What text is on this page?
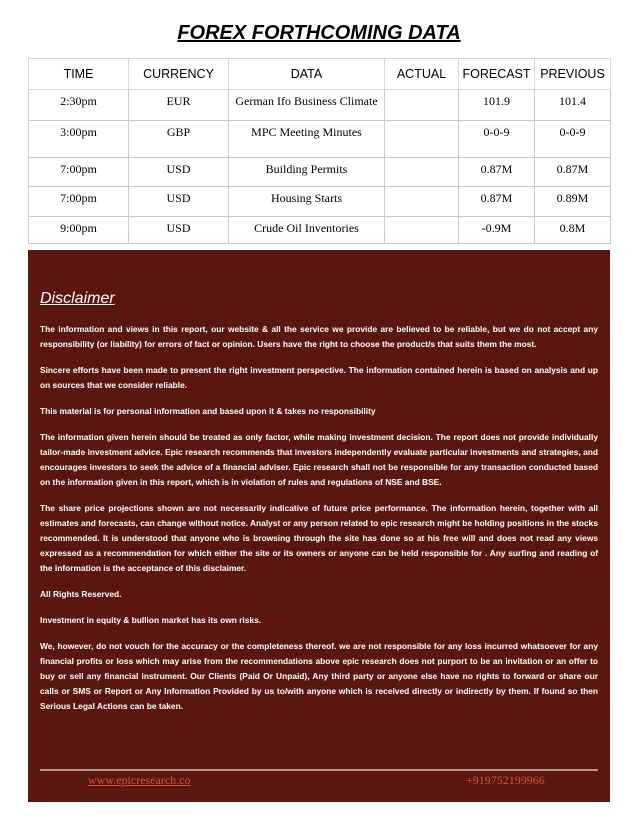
FOREX FORTHCOMING DATA
TIME	CURRENCY	DATA	ACTUAL	FORECAST	PREVIOUS
2:30pm	EUR	German Ifo Business Climate		101.9	101.4
3:00pm	GBP	MPC Meeting Minutes		0-0-9	0-0-9
7:00pm	USD	Building Permits		0.87M	0.87M
7:00pm	USD	Housing Starts		0.87M	0.89M
9:00pm	USD	Crude Oil Inventories		-0.9M	0.8M
Disclaimer

The information and views in this report, our website & all the service we provide are believed to be reliable, but we do not accept any responsibility (or liability) for errors of fact or opinion. Users have the right to choose the product/s that suits them the most.

Sincere efforts have been made to present the right investment perspective. The information contained herein is based on analysis and up on sources that we consider reliable.

This material is for personal information and based upon it & takes no responsibility

The information given herein should be treated as only factor, while making investment decision. The report does not provide individually tailor-made investment advice. Epic research recommends that investors independently evaluate particular investments and strategies, and encourages investors to seek the advice of a financial adviser. Epic research shall not be responsible for any transaction conducted based on the information given in this report, which is in violation of rules and regulations of NSE and BSE.

The share price projections shown are not necessarily indicative of future price performance. The information herein, together with all estimates and forecasts, can change without notice. Analyst or any person related to epic research might be holding positions in the stocks recommended. It is understood that anyone who is browsing through the site has done so at his free will and does not read any views expressed as a recommendation for which either the site or its owners or anyone can be held responsible for . Any surfing and reading of the information is the acceptance of this disclaimer.

All Rights Reserved.

Investment in equity & bullion market has its own risks.

We, however, do not vouch for the accuracy or the completeness thereof. we are not responsible for any loss incurred whatsoever for any financial profits or loss which may arise from the recommendations above epic research does not purport to be an invitation or an offer to buy or sell any financial instrument. Our Clients (Paid Or Unpaid), Any third party or anyone else have no rights to forward or share our calls or SMS or Report or Any Information Provided by us to/with anyone which is received directly or indirectly by them. If found so then Serious Legal Actions can be taken.

www.epicresearch.co	+919752199966
